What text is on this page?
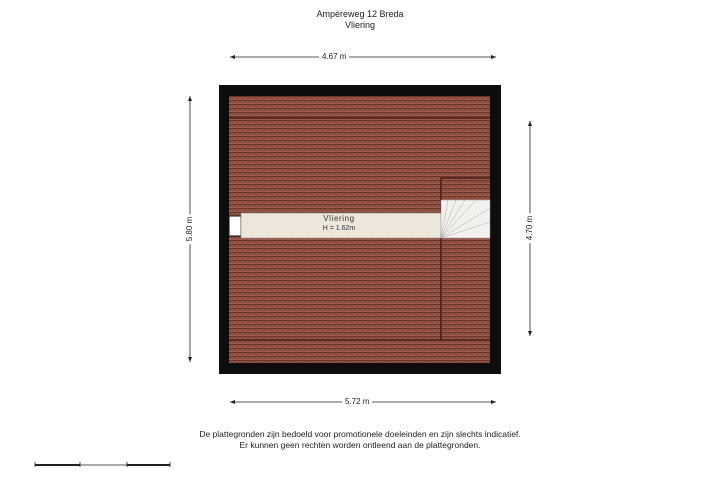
Ampèreweg 12 Breda
Vliering
4.67 m
5.72 m
5.80 m	4.70 m
Vliering
H = 1.62m
De plattegronden zijn bedoeld voor promotionele doeleinden en zijn slechts indicatief.
Er kunnen geen rechten worden ontleend aan de plattegronden.
